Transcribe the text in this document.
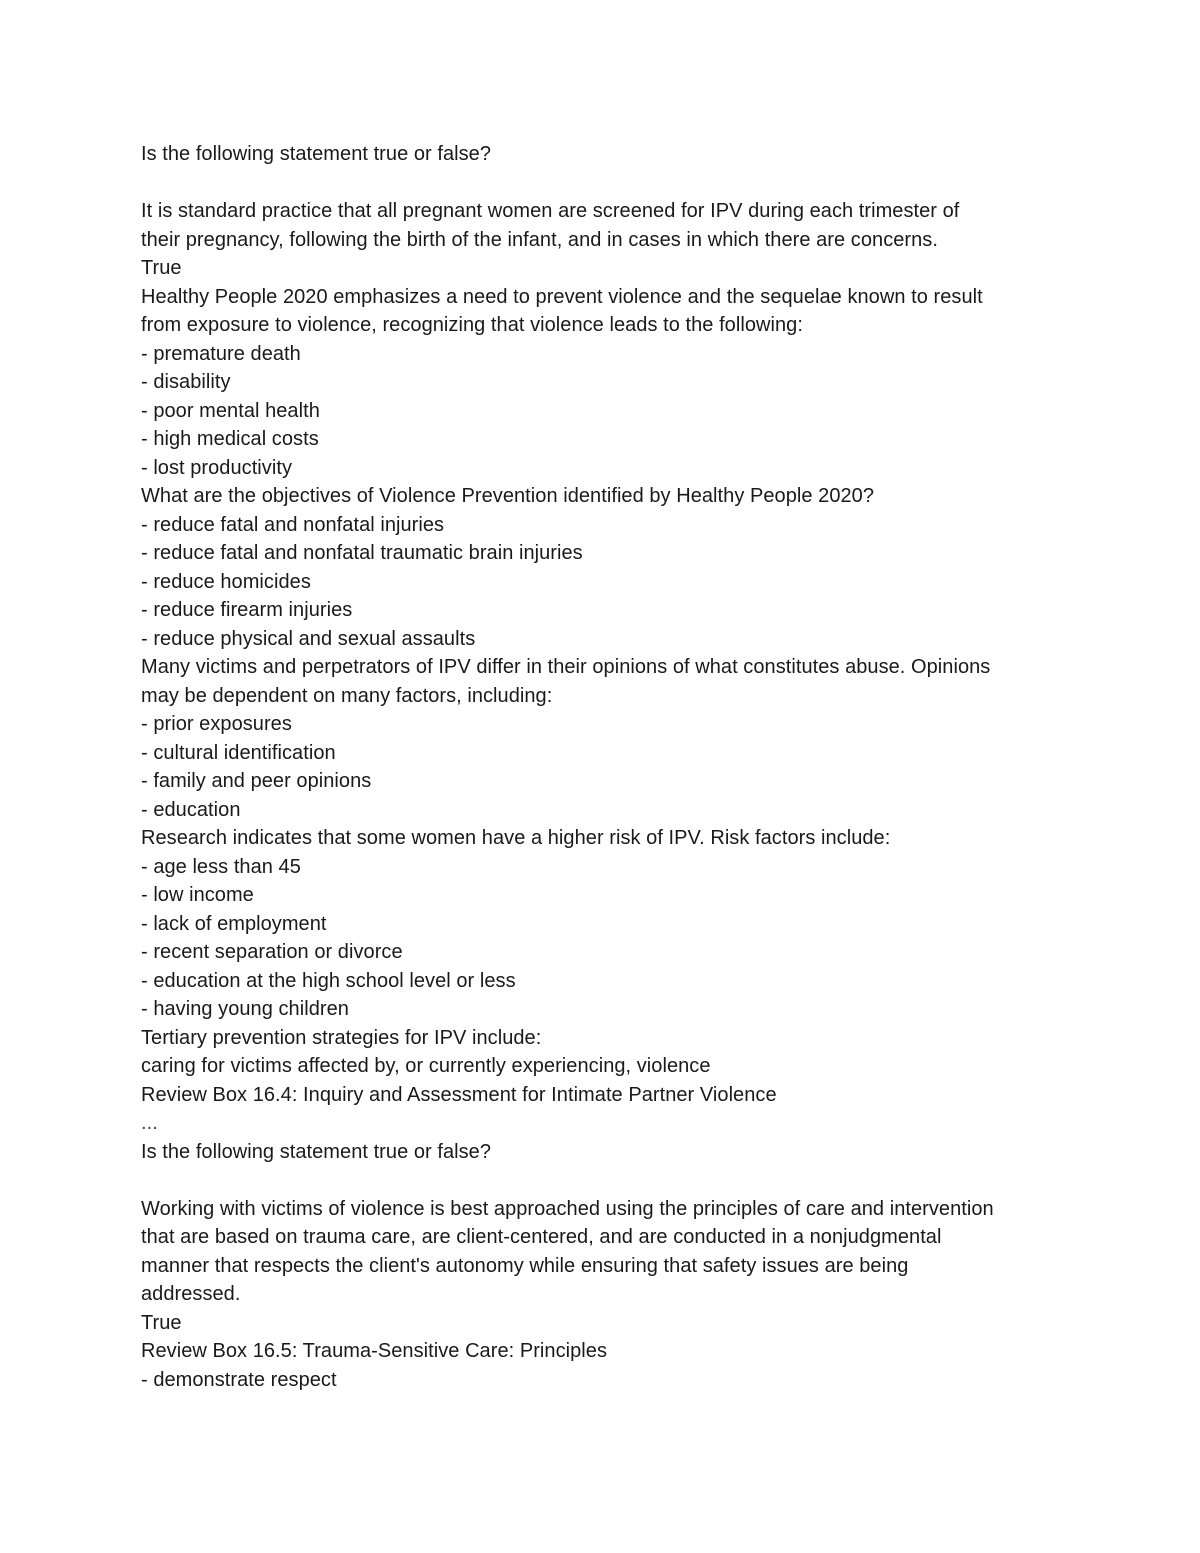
Is the following statement true or false?
It is standard practice that all pregnant women are screened for IPV during each trimester of
their pregnancy, following the birth of the infant, and in cases in which there are concerns.
True
Healthy People 2020 emphasizes a need to prevent violence and the sequelae known to result
from exposure to violence, recognizing that violence leads to the following:
- premature death
- disability
- poor mental health
- high medical costs
- lost productivity
What are the objectives of Violence Prevention identified by Healthy People 2020?
- reduce fatal and nonfatal injuries
- reduce fatal and nonfatal traumatic brain injuries
- reduce homicides
- reduce firearm injuries
- reduce physical and sexual assaults
Many victims and perpetrators of IPV differ in their opinions of what constitutes abuse. Opinions
may be dependent on many factors, including:
- prior exposures
- cultural identification
- family and peer opinions
- education
Research indicates that some women have a higher risk of IPV. Risk factors include:
- age less than 45
- low income
- lack of employment
- recent separation or divorce
- education at the high school level or less
- having young children
Tertiary prevention strategies for IPV include:
caring for victims affected by, or currently experiencing, violence
Review Box 16.4: Inquiry and Assessment for Intimate Partner Violence
...
Is the following statement true or false?
Working with victims of violence is best approached using the principles of care and intervention
that are based on trauma care, are client-centered, and are conducted in a nonjudgmental
manner that respects the client's autonomy while ensuring that safety issues are being
addressed.
True
Review Box 16.5: Trauma-Sensitive Care: Principles
- demonstrate respect
